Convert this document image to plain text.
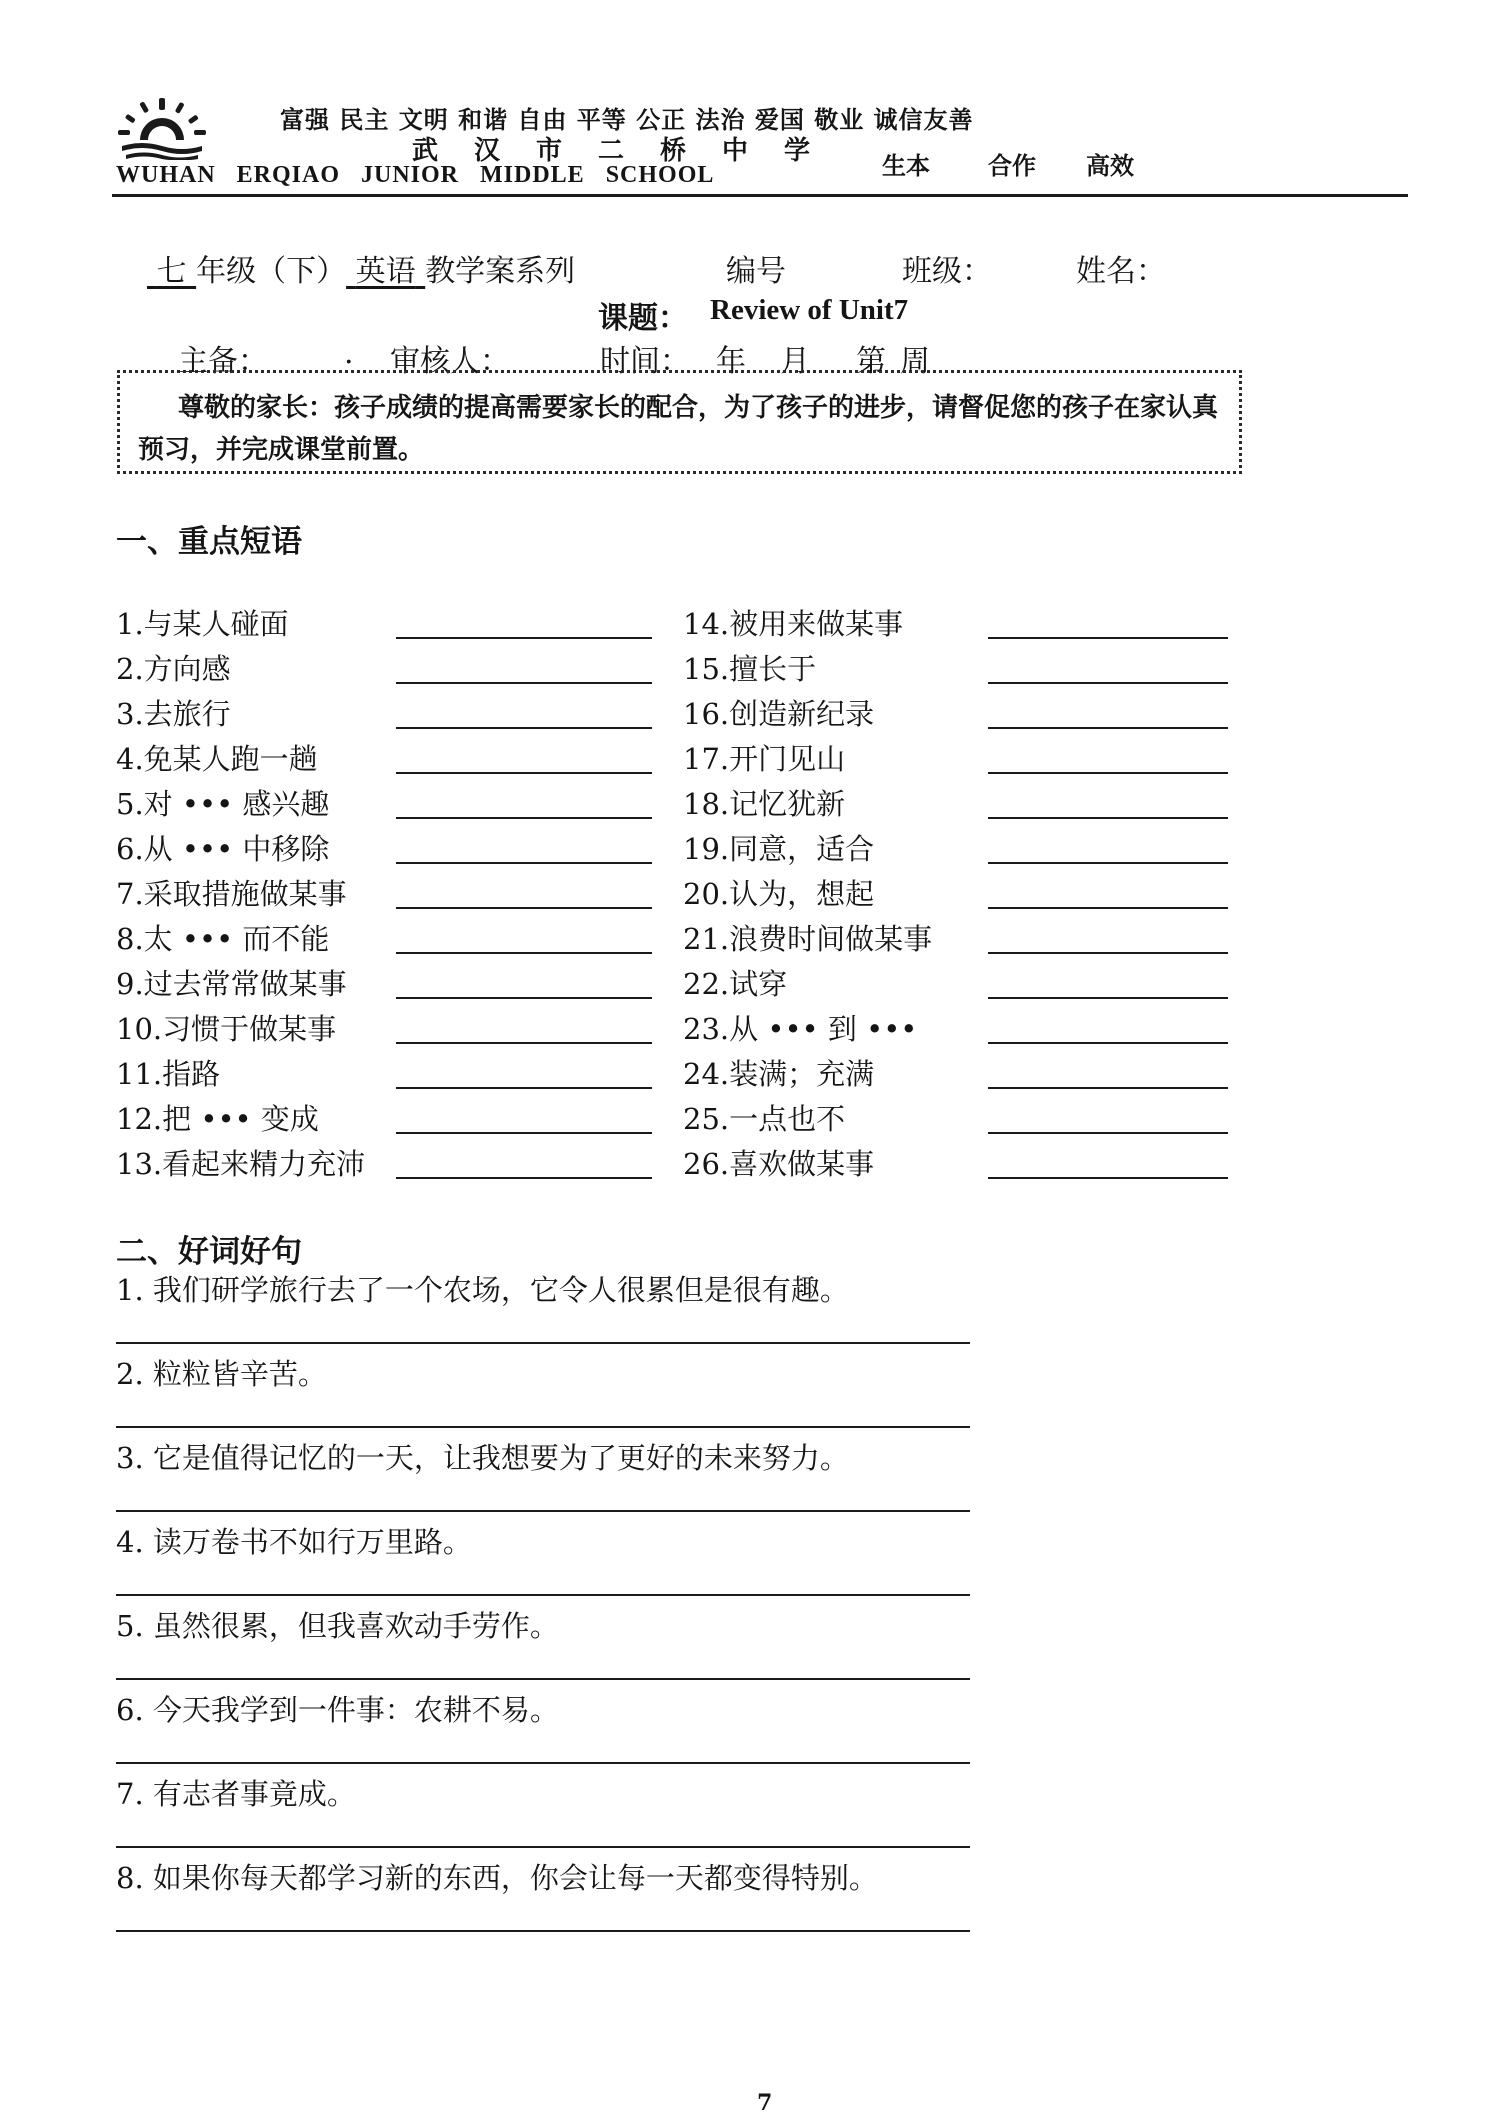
富强 民主 文明 和谐 自由 平等 公正 法治 爱国 敬业 诚信友善
武汉市二桥中学
WUHAN ERQIAO JUNIOR MIDDLE SCHOOL	生本 合作 高效
七 年级（下） 英语 教学案系列	编号	班级：	姓名：
课题： Review of Unit7
主备：	. 审核人：	时间： 年 月 第 周
尊敬的家长：孩子成绩的提高需要家长的配合，为了孩子的进步，请督促您的孩子在家认真预习，并完成课堂前置。
一、重点短语
1.与某人碰面
2.方向感
3.去旅行
4.免某人跑一趟
5.对 ••• 感兴趣
6.从 ••• 中移除
7.采取措施做某事
8.太 ••• 而不能
9.过去常常做某事
10.习惯于做某事
11.指路
12.把 ••• 变成
13.看起来精力充沛
14.被用来做某事
15.擅长于
16.创造新纪录
17.开门见山
18.记忆犹新
19.同意，适合
20.认为，想起
21.浪费时间做某事
22.试穿
23.从 ••• 到 •••
24.装满；充满
25.一点也不
26.喜欢做某事
二、好词好句
1. 我们研学旅行去了一个农场，它令人很累但是很有趣。
2. 粒粒皆辛苦。
3. 它是值得记忆的一天，让我想要为了更好的未来努力。
4. 读万卷书不如行万里路。
5. 虽然很累，但我喜欢动手劳作。
6. 今天我学到一件事：农耕不易。
7. 有志者事竟成。
8. 如果你每天都学习新的东西，你会让每一天都变得特别。
7
